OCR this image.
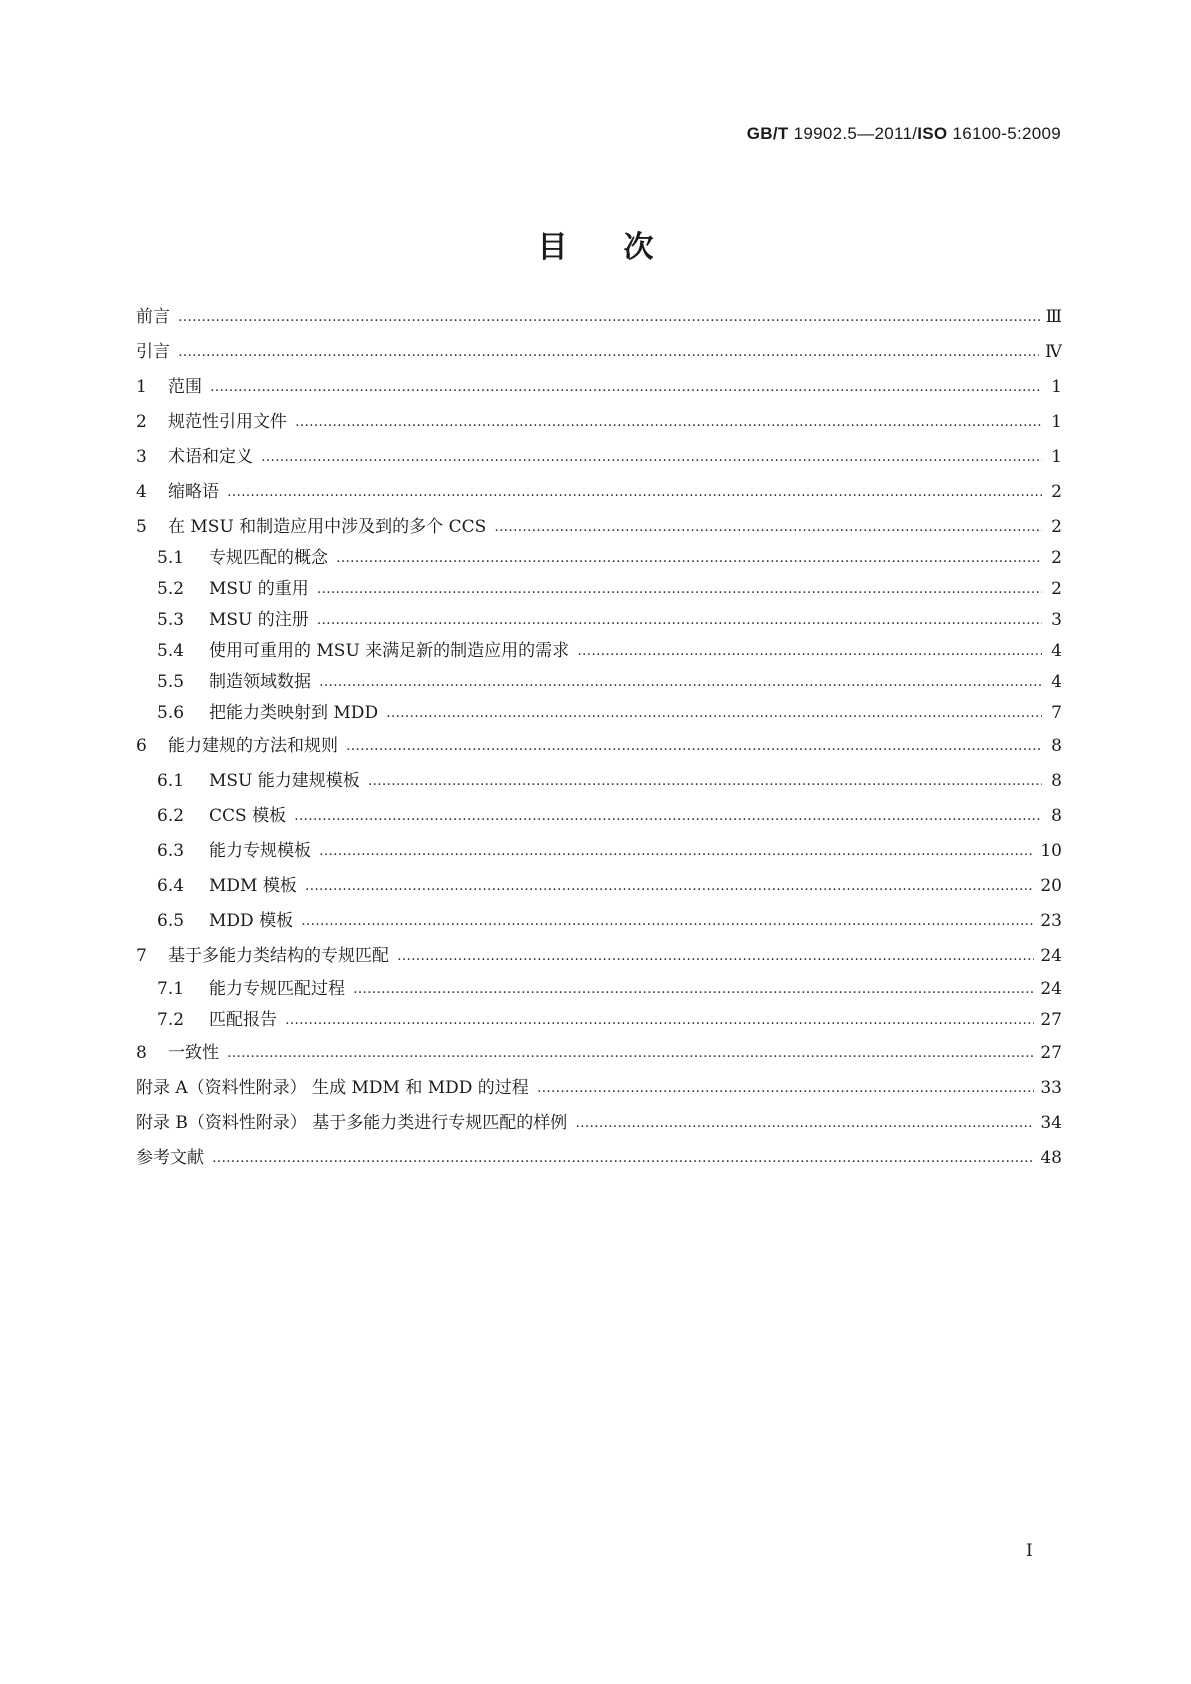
GB/T 19902.5—2011/ISO 16100-5:2009
目次
前言 …………………………………………………………………………………………………………………………………………………………………………………………………………	Ⅲ
引言 …………………………………………………………………………………………………………………………………………………………………………………………………………	Ⅳ
1	范围 …………………………………………………………………………………………………………………………………………………………………………………………………………	1
2	规范性引用文件 …………………………………………………………………………………………………………………………………………………………………………………………………………	1
3	术语和定义 …………………………………………………………………………………………………………………………………………………………………………………………………………	1
4	缩略语 …………………………………………………………………………………………………………………………………………………………………………………………………………	2
5	在 MSU 和制造应用中涉及到的多个 CCS …………………………………………………………………………………………………………………………………………………………………………………………………………	2
5.1	专规匹配的概念 …………………………………………………………………………………………………………………………………………………………………………………………………………	2
5.2	MSU 的重用 …………………………………………………………………………………………………………………………………………………………………………………………………………	2
5.3	MSU 的注册 …………………………………………………………………………………………………………………………………………………………………………………………………………	3
5.4	使用可重用的 MSU 来满足新的制造应用的需求 …………………………………………………………………………………………………………………………………………………………………………………………………………	4
5.5	制造领域数据 …………………………………………………………………………………………………………………………………………………………………………………………………………	4
5.6	把能力类映射到 MDD …………………………………………………………………………………………………………………………………………………………………………………………………………	7
6	能力建规的方法和规则 …………………………………………………………………………………………………………………………………………………………………………………………………………	8
6.1	MSU 能力建规模板 …………………………………………………………………………………………………………………………………………………………………………………………………………	8
6.2	CCS 模板 …………………………………………………………………………………………………………………………………………………………………………………………………………	8
6.3	能力专规模板 …………………………………………………………………………………………………………………………………………………………………………………………………………	10
6.4	MDM 模板 …………………………………………………………………………………………………………………………………………………………………………………………………………	20
6.5	MDD 模板 …………………………………………………………………………………………………………………………………………………………………………………………………………	23
7	基于多能力类结构的专规匹配 …………………………………………………………………………………………………………………………………………………………………………………………………………	24
7.1	能力专规匹配过程 …………………………………………………………………………………………………………………………………………………………………………………………………………	24
7.2	匹配报告 …………………………………………………………………………………………………………………………………………………………………………………………………………	27
8	一致性 …………………………………………………………………………………………………………………………………………………………………………………………………………	27
附录 A（资料性附录） 生成 MDM 和 MDD 的过程 …………………………………………………………………………………………………………………………………………………………………………………………………………	33
附录 B（资料性附录） 基于多能力类进行专规匹配的样例 …………………………………………………………………………………………………………………………………………………………………………………………………………	34
参考文献 …………………………………………………………………………………………………………………………………………………………………………………………………………	48
I
